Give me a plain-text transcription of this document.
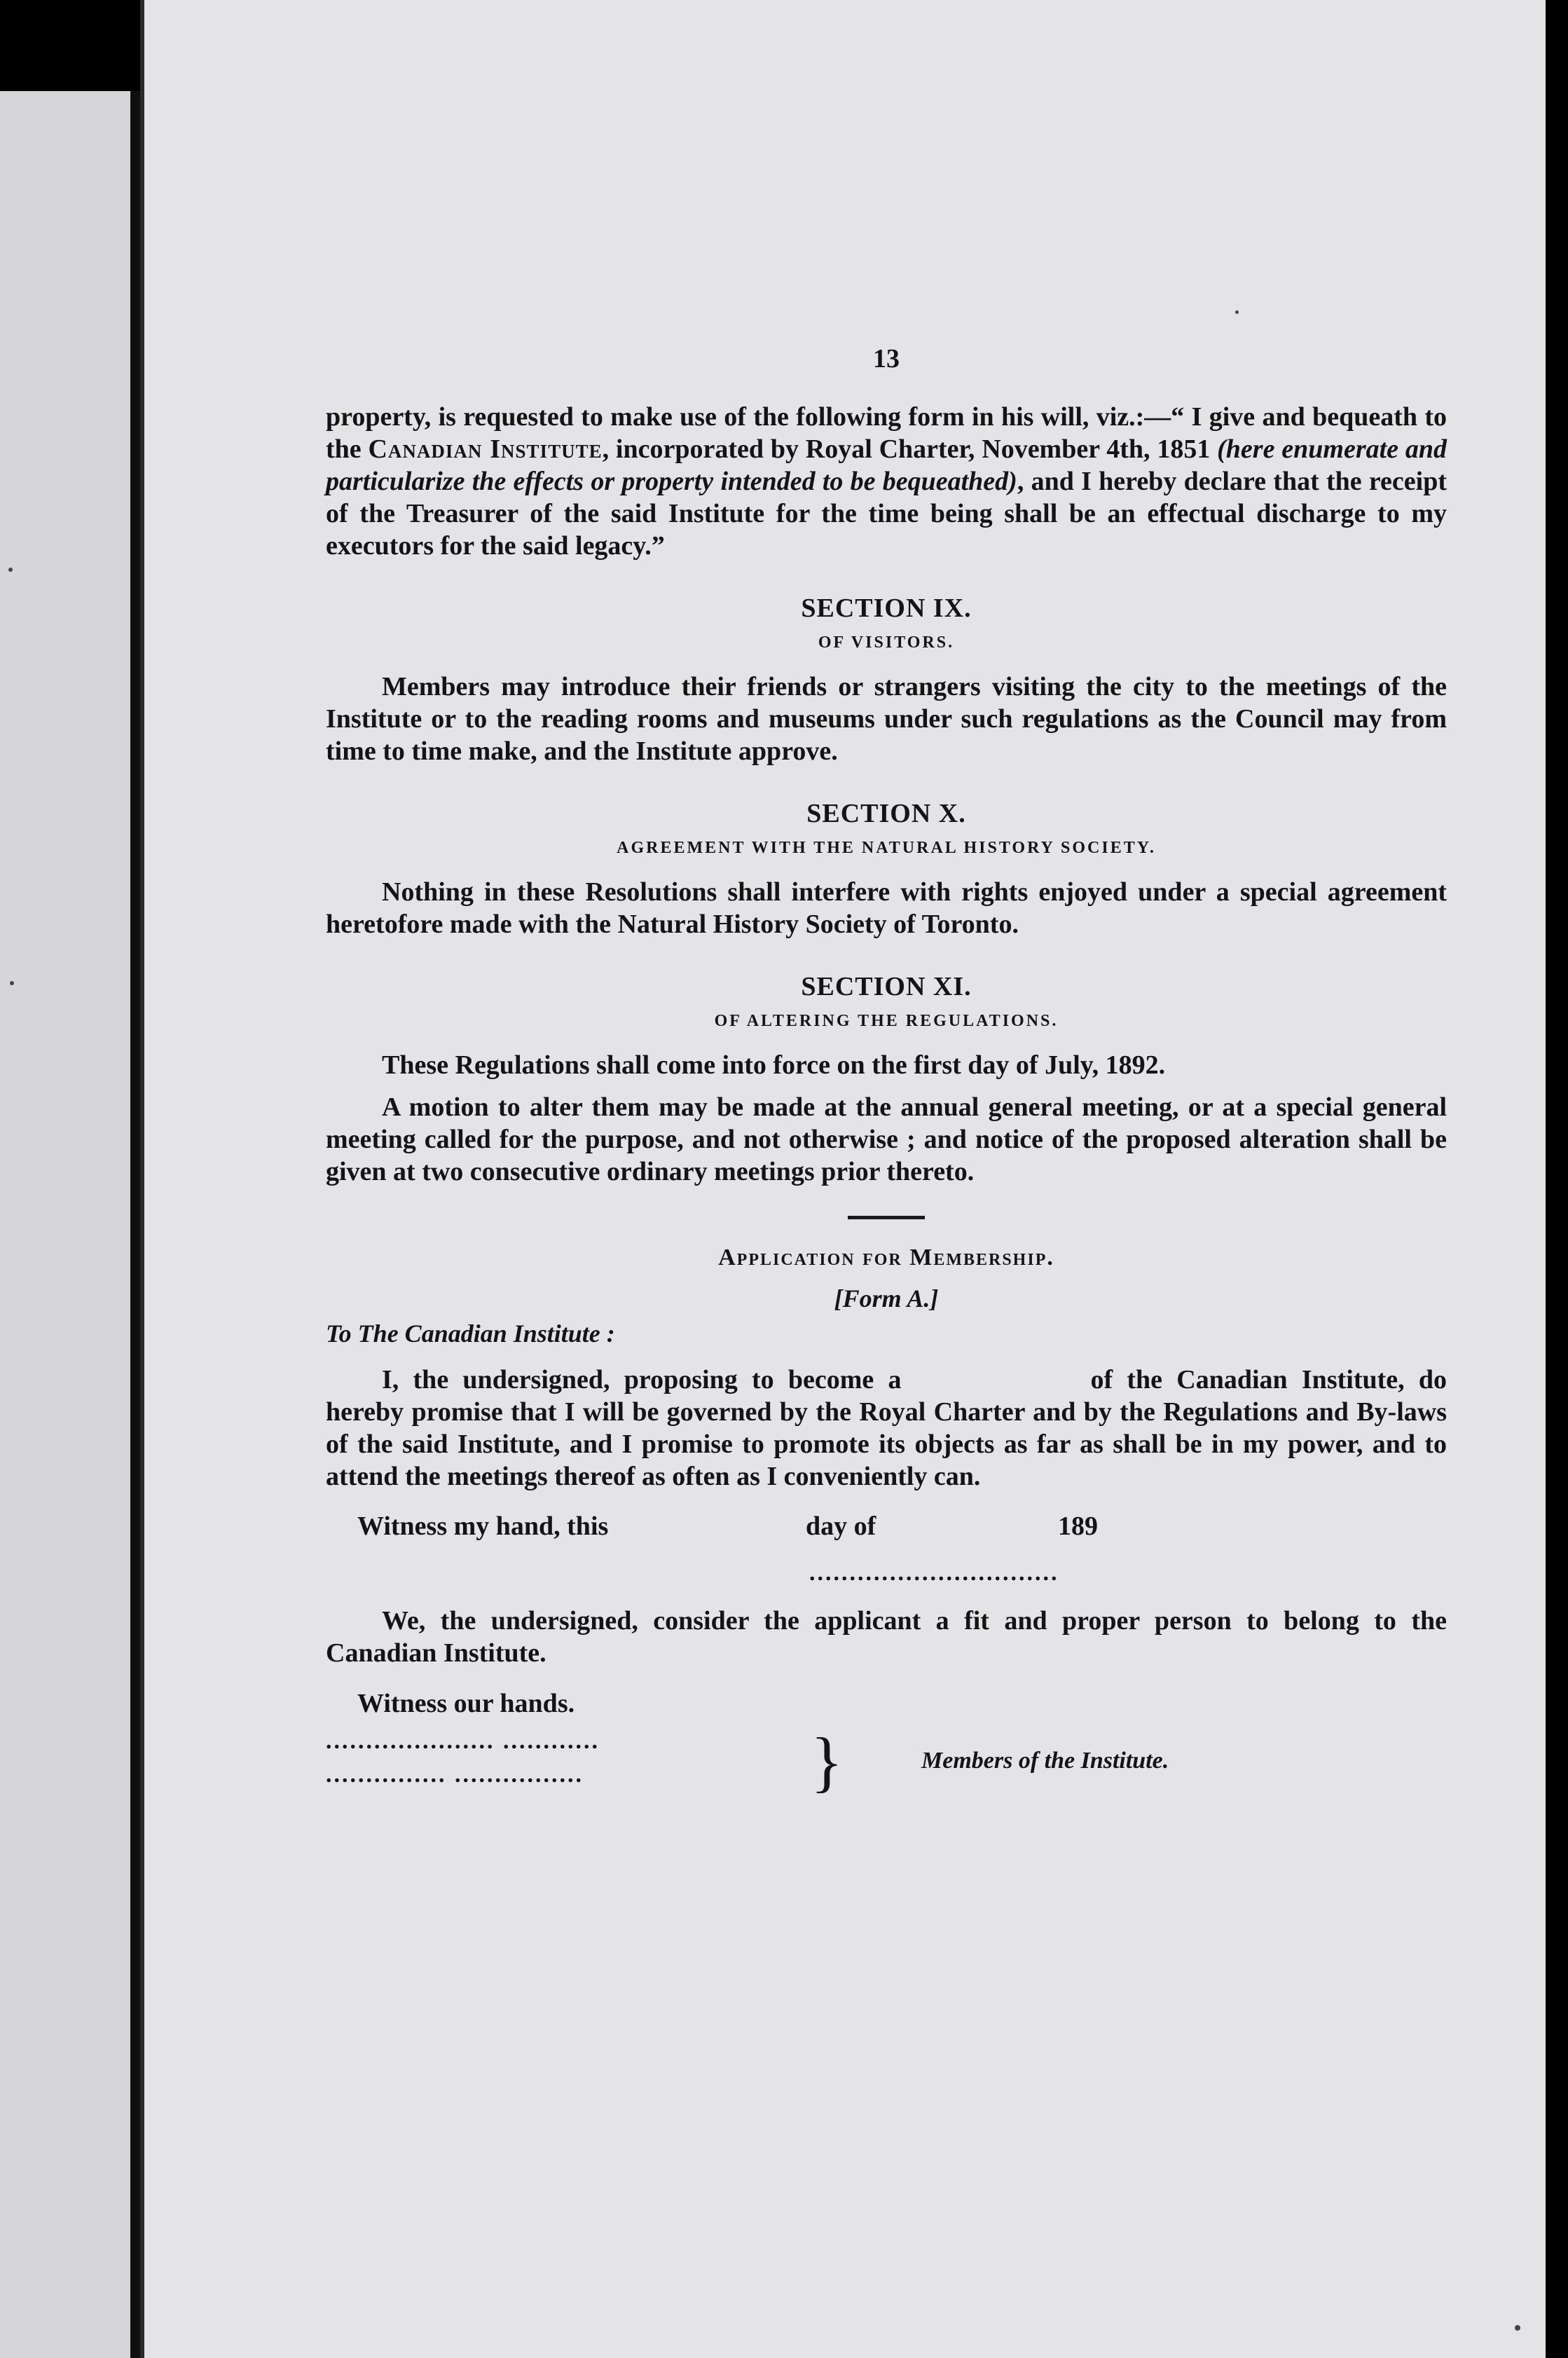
13

property, is requested to make use of the following form in his will, viz.:—“ I give and bequeath to the Canadian Institute, incorporated by Royal Charter, November 4th, 1851 (here enumerate and particularize the effects or property intended to be bequeathed), and I hereby declare that the receipt of the Treasurer of the said Institute for the time being shall be an effectual discharge to my executors for the said legacy.”

SECTION IX.
OF VISITORS.

Members may introduce their friends or strangers visiting the city to the meetings of the Institute or to the reading rooms and museums under such regulations as the Council may from time to time make, and the Institute approve.

SECTION X.
AGREEMENT WITH THE NATURAL HISTORY SOCIETY.

Nothing in these Resolutions shall interfere with rights enjoyed under a special agreement heretofore made with the Natural History Society of Toronto.

SECTION XI.
OF ALTERING THE REGULATIONS.

These Regulations shall come into force on the first day of July, 1892.

A motion to alter them may be made at the annual general meeting, or at a special general meeting called for the purpose, and not otherwise ; and notice of the proposed alteration shall be given at two consecutive ordinary meetings prior thereto.

Application for Membership.
[Form A.]
To The Canadian Institute :

I, the undersigned, proposing to become a	of the Canadian Institute, do hereby promise that I will be governed by the Royal Charter and by the Regulations and By-laws of the said Institute, and I promise to promote its objects as far as shall be in my power, and to attend the meetings thereof as often as I conveniently can.

Witness my hand, this	day of	189
...............................

We, the undersigned, consider the applicant a fit and proper person to belong to the Canadian Institute.

Witness our hands.

..................... ............	}	Members of the Institute.
............... ................
